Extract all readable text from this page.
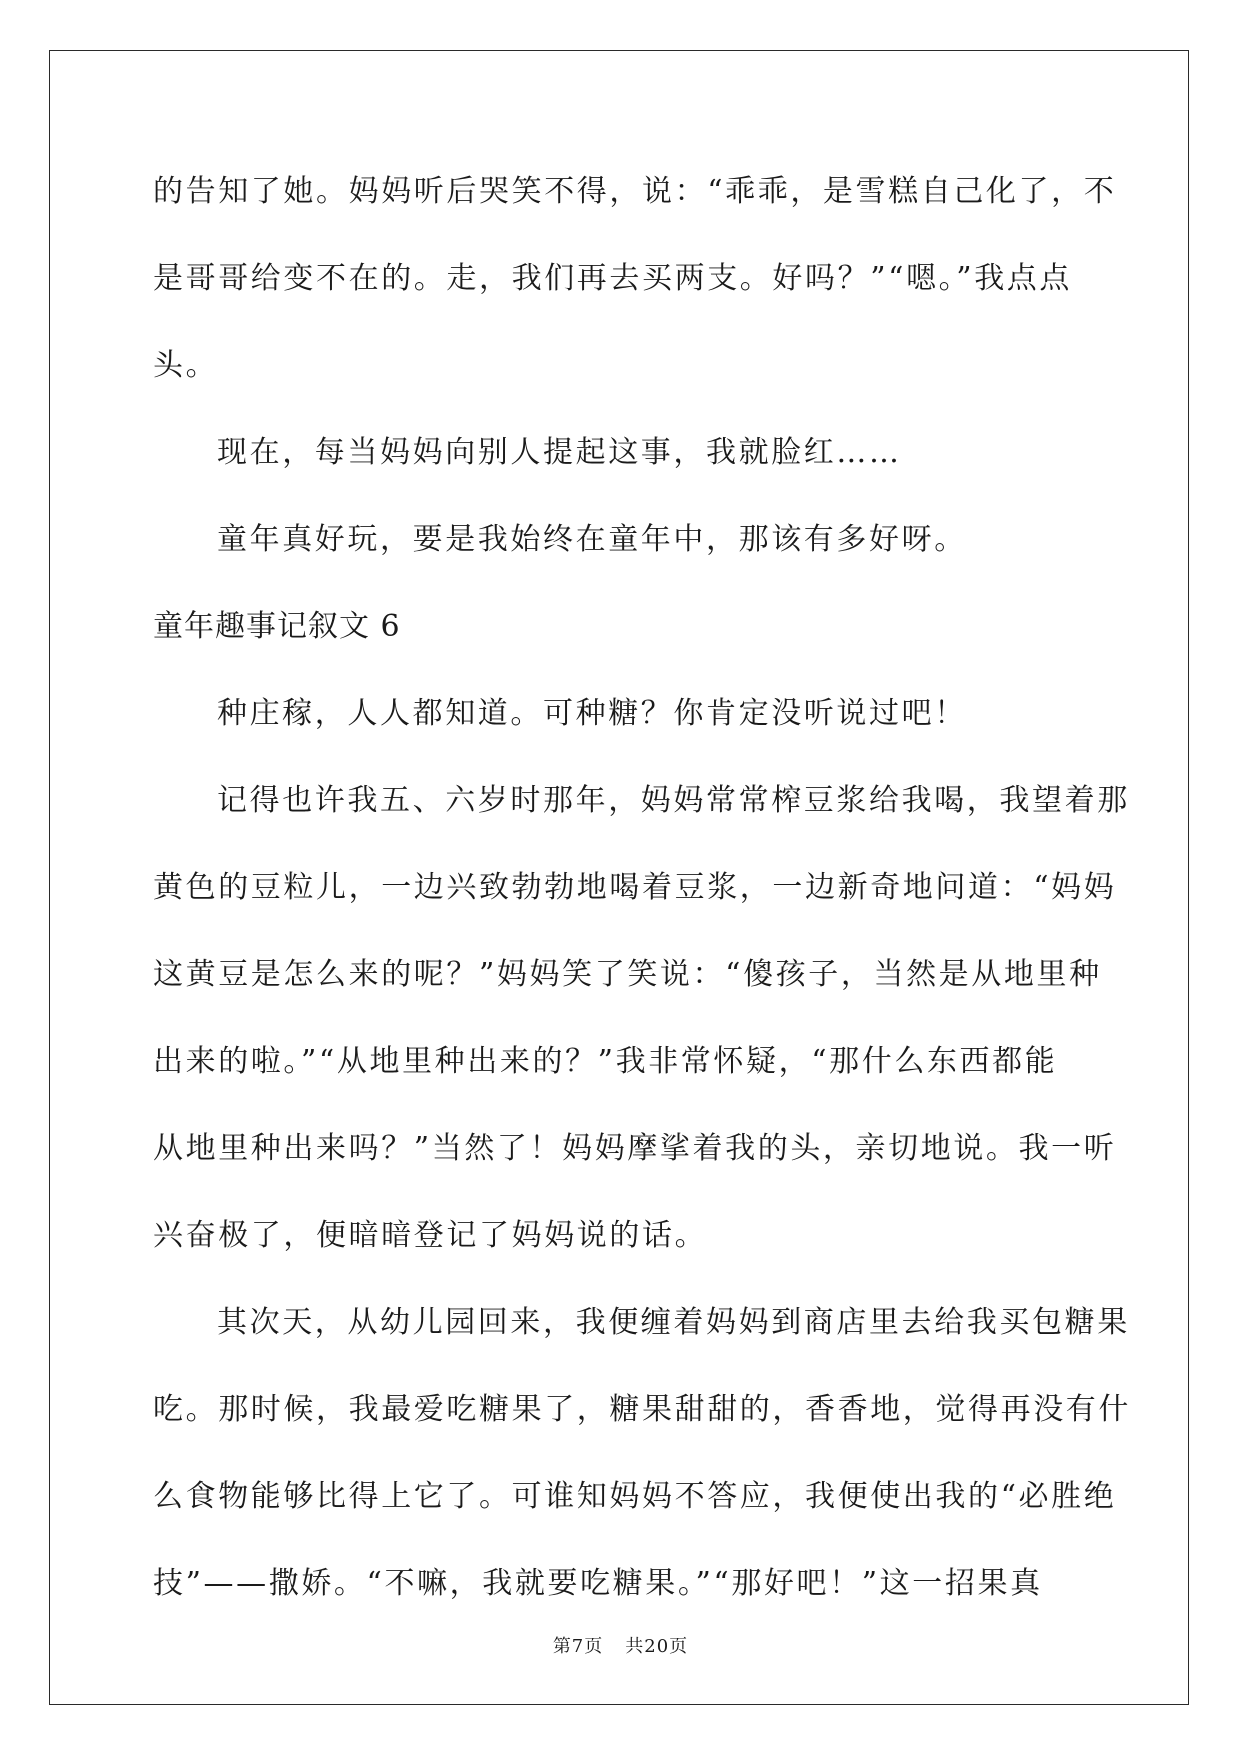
的告知了她。妈妈听后哭笑不得，说：“乖乖，是雪糕自己化了，不
是哥哥给变不在的。走，我们再去买两支。好吗？”“嗯。”我点点
头。
现在，每当妈妈向别人提起这事，我就脸红……
童年真好玩，要是我始终在童年中，那该有多好呀。
童年趣事记叙文 6
种庄稼，人人都知道。可种糖？你肯定没听说过吧！
记得也许我五、六岁时那年，妈妈常常榨豆浆给我喝，我望着那
黄色的豆粒儿，一边兴致勃勃地喝着豆浆，一边新奇地问道：“妈妈
这黄豆是怎么来的呢？”妈妈笑了笑说：“傻孩子，当然是从地里种
出来的啦。”“从地里种出来的？”我非常怀疑，“那什么东西都能
从地里种出来吗？”当然了！妈妈摩挲着我的头，亲切地说。我一听
兴奋极了，便暗暗登记了妈妈说的话。
其次天，从幼儿园回来，我便缠着妈妈到商店里去给我买包糖果
吃。那时候，我最爱吃糖果了，糖果甜甜的，香香地，觉得再没有什
么食物能够比得上它了。可谁知妈妈不答应，我便使出我的“必胜绝
技”——撒娇。“不嘛，我就要吃糖果。”“那好吧！”这一招果真
第7页 共20页
